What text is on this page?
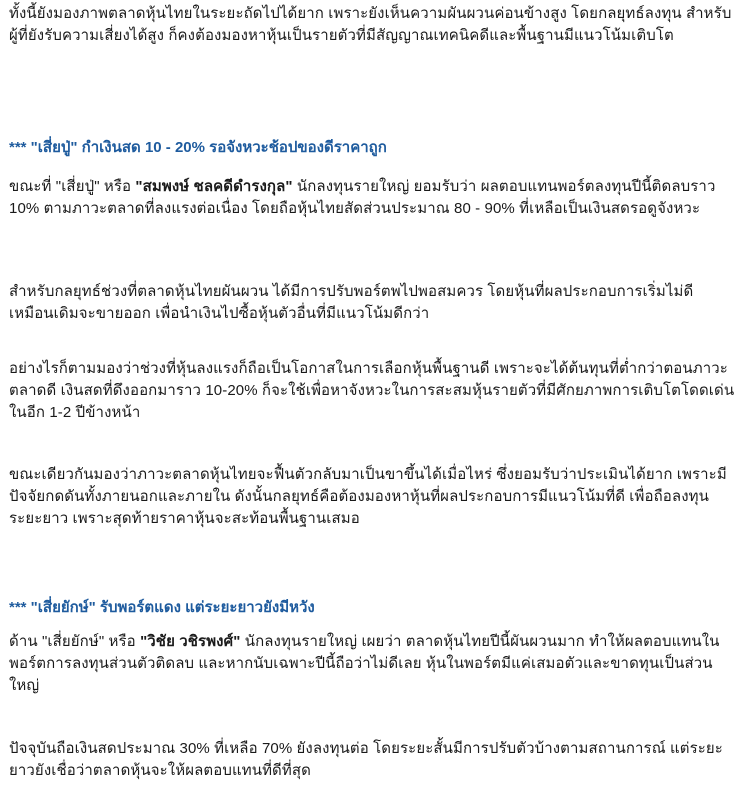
ทั้งนี้ยังมองภาพตลาดหุ้นไทยในระยะถัดไปได้ยาก เพราะยังเห็นความผันผวนค่อนข้างสูง โดยกลยุทธ์ลงทุน สำหรับผู้ที่ยังรับความเสี่ยงได้สูง ก็คงต้องมองหาหุ้นเป็นรายตัวที่มีสัญญาณเทคนิคดีและพื้นฐานมีแนวโน้มเติบโต

*** "เสี่ยปู่" กำเงินสด 10 - 20% รอจังหวะช้อปของดีราคาถูก

ขณะที่ "เสี่ยปู่" หรือ "สมพงษ์ ชลคดีดำรงกุล" นักลงทุนรายใหญ่ ยอมรับว่า ผลตอบแทนพอร์ตลงทุนปีนี้ติดลบราว 10% ตามภาวะตลาดที่ลงแรงต่อเนื่อง โดยถือหุ้นไทยสัดส่วนประมาณ 80 - 90% ที่เหลือเป็นเงินสดรอดูจังหวะ

สำหรับกลยุทธ์ช่วงที่ตลาดหุ้นไทยผันผวน ได้มีการปรับพอร์ตพไปพอสมควร โดยหุ้นที่ผลประกอบการเริ่มไม่ดีเหมือนเดิมจะขายออก เพื่อนำเงินไปซื้อหุ้นตัวอื่นที่มีแนวโน้มดีกว่า

อย่างไรก็ตามมองว่าช่วงที่หุ้นลงแรงก็ถือเป็นโอกาสในการเลือกหุ้นพื้นฐานดี เพราะจะได้ต้นทุนที่ต่ำกว่าตอนภาวะตลาดดี เงินสดที่ดึงออกมาราว 10-20% ก็จะใช้เพื่อหาจังหวะในการสะสมหุ้นรายตัวที่มีศักยภาพการเติบโตโดดเด่นในอีก 1-2 ปีข้างหน้า

ขณะเดียวกันมองว่าภาวะตลาดหุ้นไทยจะฟื้นตัวกลับมาเป็นขาขึ้นได้เมื่อไหร่ ซึ่งยอมรับว่าประเมินได้ยาก เพราะมีปัจจัยกดดันทั้งภายนอกและภายใน ดังนั้นกลยุทธ์คือต้องมองหาหุ้นที่ผลประกอบการมีแนวโน้มที่ดี เพื่อถือลงทุนระยะยาว เพราะสุดท้ายราคาหุ้นจะสะท้อนพื้นฐานเสมอ

*** "เสี่ยยักษ์" รับพอร์ตแดง แต่ระยะยาวยังมีหวัง

ด้าน "เสี่ยยักษ์" หรือ "วิชัย วชิรพงศ์" นักลงทุนรายใหญ่ เผยว่า ตลาดหุ้นไทยปีนี้ผันผวนมาก ทำให้ผลตอบแทนในพอร์ตการลงทุนส่วนตัวติดลบ และหากนับเฉพาะปีนี้ถือว่าไม่ดีเลย หุ้นในพอร์ตมีแค่เสมอตัวและขาดทุนเป็นส่วนใหญ่

ปัจจุบันถือเงินสดประมาณ 30% ที่เหลือ 70% ยังลงทุนต่อ โดยระยะสั้นมีการปรับตัวบ้างตามสถานการณ์ แต่ระยะยาวยังเชื่อว่าตลาดหุ้นจะให้ผลตอบแทนที่ดีที่สุด
